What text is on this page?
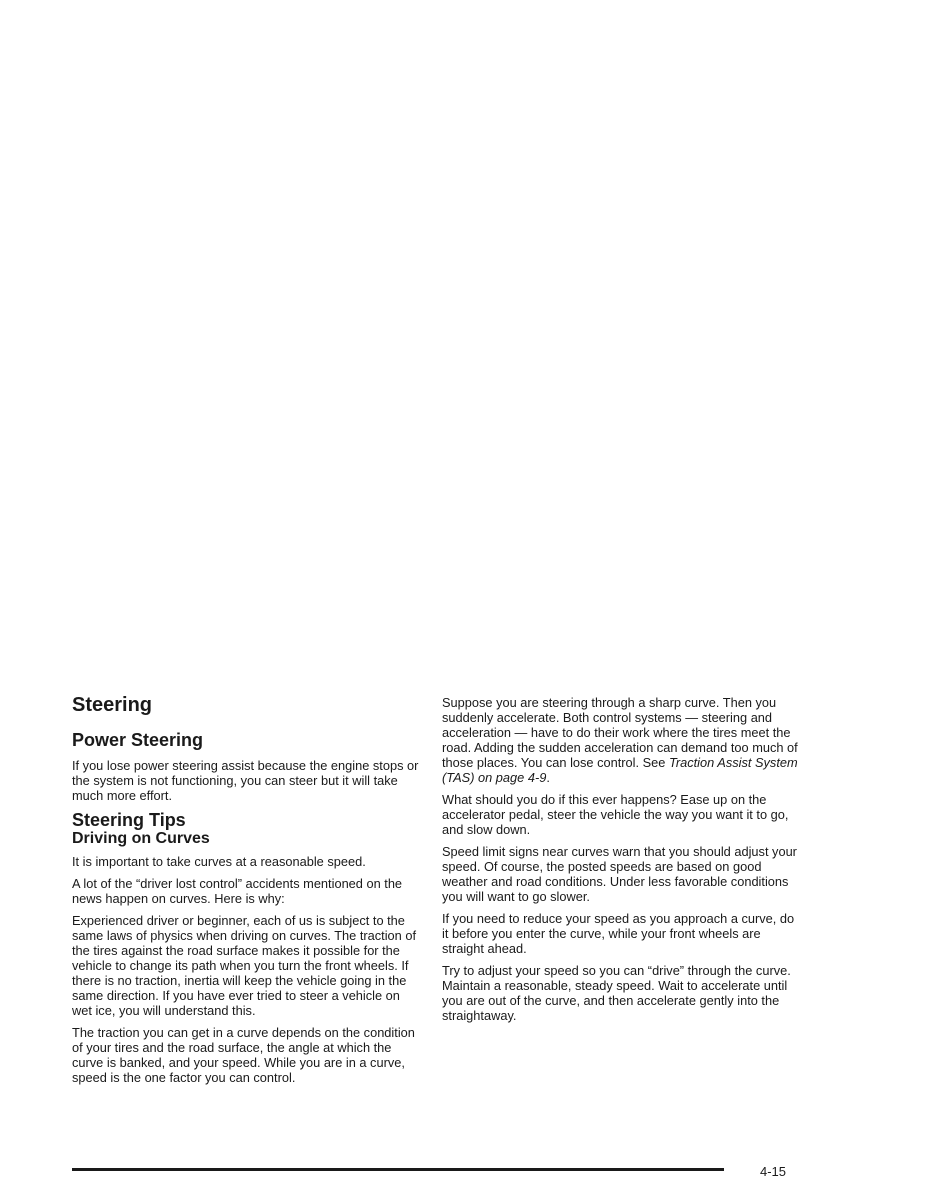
Steering
Power Steering

If you lose power steering assist because the engine stops or the system is not functioning, you can steer but it will take much more effort.

Steering Tips
Driving on Curves

It is important to take curves at a reasonable speed.

A lot of the “driver lost control” accidents mentioned on the news happen on curves. Here is why:

Experienced driver or beginner, each of us is subject to the same laws of physics when driving on curves. The traction of the tires against the road surface makes it possible for the vehicle to change its path when you turn the front wheels. If there is no traction, inertia will keep the vehicle going in the same direction. If you have ever tried to steer a vehicle on wet ice, you will understand this.

The traction you can get in a curve depends on the condition of your tires and the road surface, the angle at which the curve is banked, and your speed. While you are in a curve, speed is the one factor you can control.

Suppose you are steering through a sharp curve. Then you suddenly accelerate. Both control systems — steering and acceleration — have to do their work where the tires meet the road. Adding the sudden acceleration can demand too much of those places. You can lose control. See Traction Assist System (TAS) on page 4-9.

What should you do if this ever happens? Ease up on the accelerator pedal, steer the vehicle the way you want it to go, and slow down.

Speed limit signs near curves warn that you should adjust your speed. Of course, the posted speeds are based on good weather and road conditions. Under less favorable conditions you will want to go slower.

If you need to reduce your speed as you approach a curve, do it before you enter the curve, while your front wheels are straight ahead.

Try to adjust your speed so you can “drive” through the curve. Maintain a reasonable, steady speed. Wait to accelerate until you are out of the curve, and then accelerate gently into the straightaway.

4-15
